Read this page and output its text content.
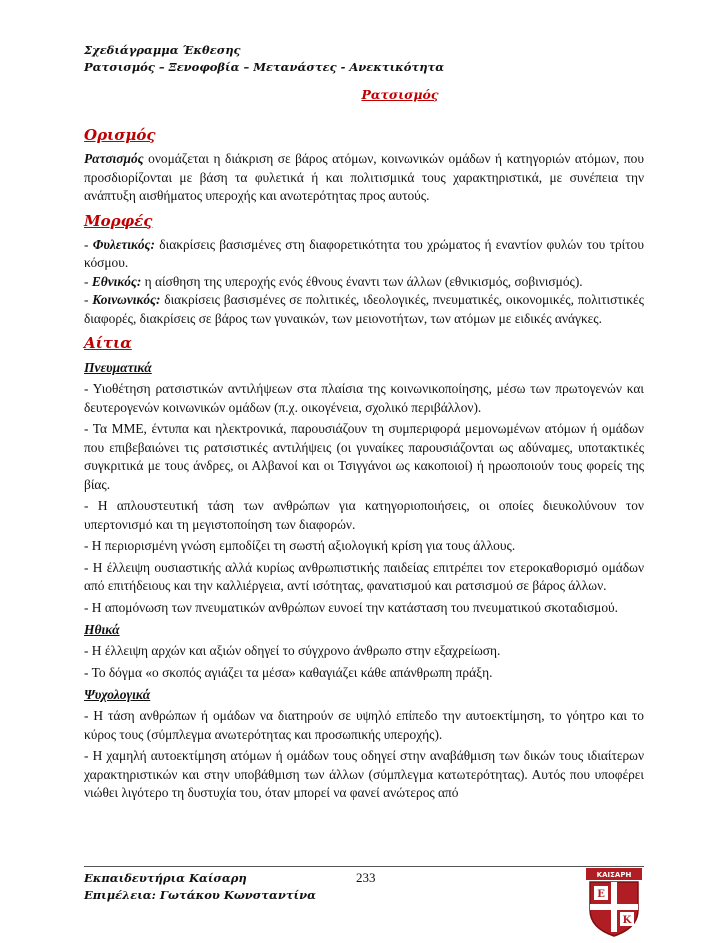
Σχεδιάγραμμα Έκθεσης
Ρατσισμός – Ξενοφοβία – Μετανάστες - Ανεκτικότητα
Ρατσισμός
Ορισμός

Ρατσισμός ονομάζεται η διάκριση σε βάρος ατόμων, κοινωνικών ομάδων ή κατηγοριών ατόμων, που προσδιορίζονται με βάση τα φυλετικά ή και πολιτισμικά τους χαρακτηριστικά, με συνέπεια την ανάπτυξη αισθήματος υπεροχής και ανωτερότητας προς αυτούς.

Μορφές

- Φυλετικός: διακρίσεις βασισμένες στη διαφορετικότητα του χρώματος ή εναντίον φυλών του τρίτου κόσμου.

- Εθνικός: η αίσθηση της υπεροχής ενός έθνους έναντι των άλλων (εθνικισμός, σοβινισμός).

- Κοινωνικός: διακρίσεις βασισμένες σε πολιτικές, ιδεολογικές, πνευματικές, οικονομικές, πολιτιστικές διαφορές, διακρίσεις σε βάρος των γυναικών, των μειονοτήτων, των ατόμων με ειδικές ανάγκες.

Αίτια
Πνευματικά

- Υιοθέτηση ρατσιστικών αντιλήψεων στα πλαίσια της κοινωνικοποίησης, μέσω των πρωτογενών και δευτερογενών κοινωνικών ομάδων (π.χ. οικογένεια, σχολικό περιβάλλον).

- Τα ΜΜΕ, έντυπα και ηλεκτρονικά, παρουσιάζουν τη συμπεριφορά μεμονωμένων ατόμων ή ομάδων που επιβεβαιώνει τις ρατσιστικές αντιλήψεις (οι γυναίκες παρουσιάζονται ως αδύναμες, υποτακτικές συγκριτικά με τους άνδρες, οι Αλβανοί και οι Τσιγγάνοι ως κακοποιοί) ή ηρωοποιούν τους φορείς της βίας.

- Η απλουστευτική τάση των ανθρώπων για κατηγοριοποιήσεις, οι οποίες διευκολύνουν τον υπερτονισμό και τη μεγιστοποίηση των διαφορών.

- Η περιορισμένη γνώση εμποδίζει τη σωστή αξιολογική κρίση για τους άλλους.

- Η έλλειψη ουσιαστικής αλλά κυρίως ανθρωπιστικής παιδείας επιτρέπει τον ετεροκαθορισμό ομάδων από επιτήδειους και την καλλιέργεια, αντί ισότητας, φανατισμού και ρατσισμού σε βάρος άλλων.

- Η απομόνωση των πνευματικών ανθρώπων ευνοεί την κατάσταση του πνευματικού σκοταδισμού.

Ηθικά

- Η έλλειψη αρχών και αξιών οδηγεί το σύγχρονο άνθρωπο στην εξαχρείωση.

- Το δόγμα «ο σκοπός αγιάζει τα μέσα» καθαγιάζει κάθε απάνθρωπη πράξη.

Ψυχολογικά

- Η τάση ανθρώπων ή ομάδων να διατηρούν σε υψηλό επίπεδο την αυτοεκτίμηση, το γόητρο και το κύρος τους (σύμπλεγμα ανωτερότητας και προσωπικής υπεροχής).

- Η χαμηλή αυτοεκτίμηση ατόμων ή ομάδων τους οδηγεί στην αναβάθμιση των δικών τους ιδιαίτερων χαρακτηριστικών και στην υποβάθμιση των άλλων (σύμπλεγμα κατωτερότητας). Αυτός που υποφέρει νιώθει λιγότερο τη δυστυχία του, όταν μπορεί να φανεί ανώτερος από

Εκπαιδευτήρια Καίσαρη
Επιμέλεια: Γωτάκου Κωνσταντίνα
233	ΚΑΙΣΑΡΗ
Ε
Κ
